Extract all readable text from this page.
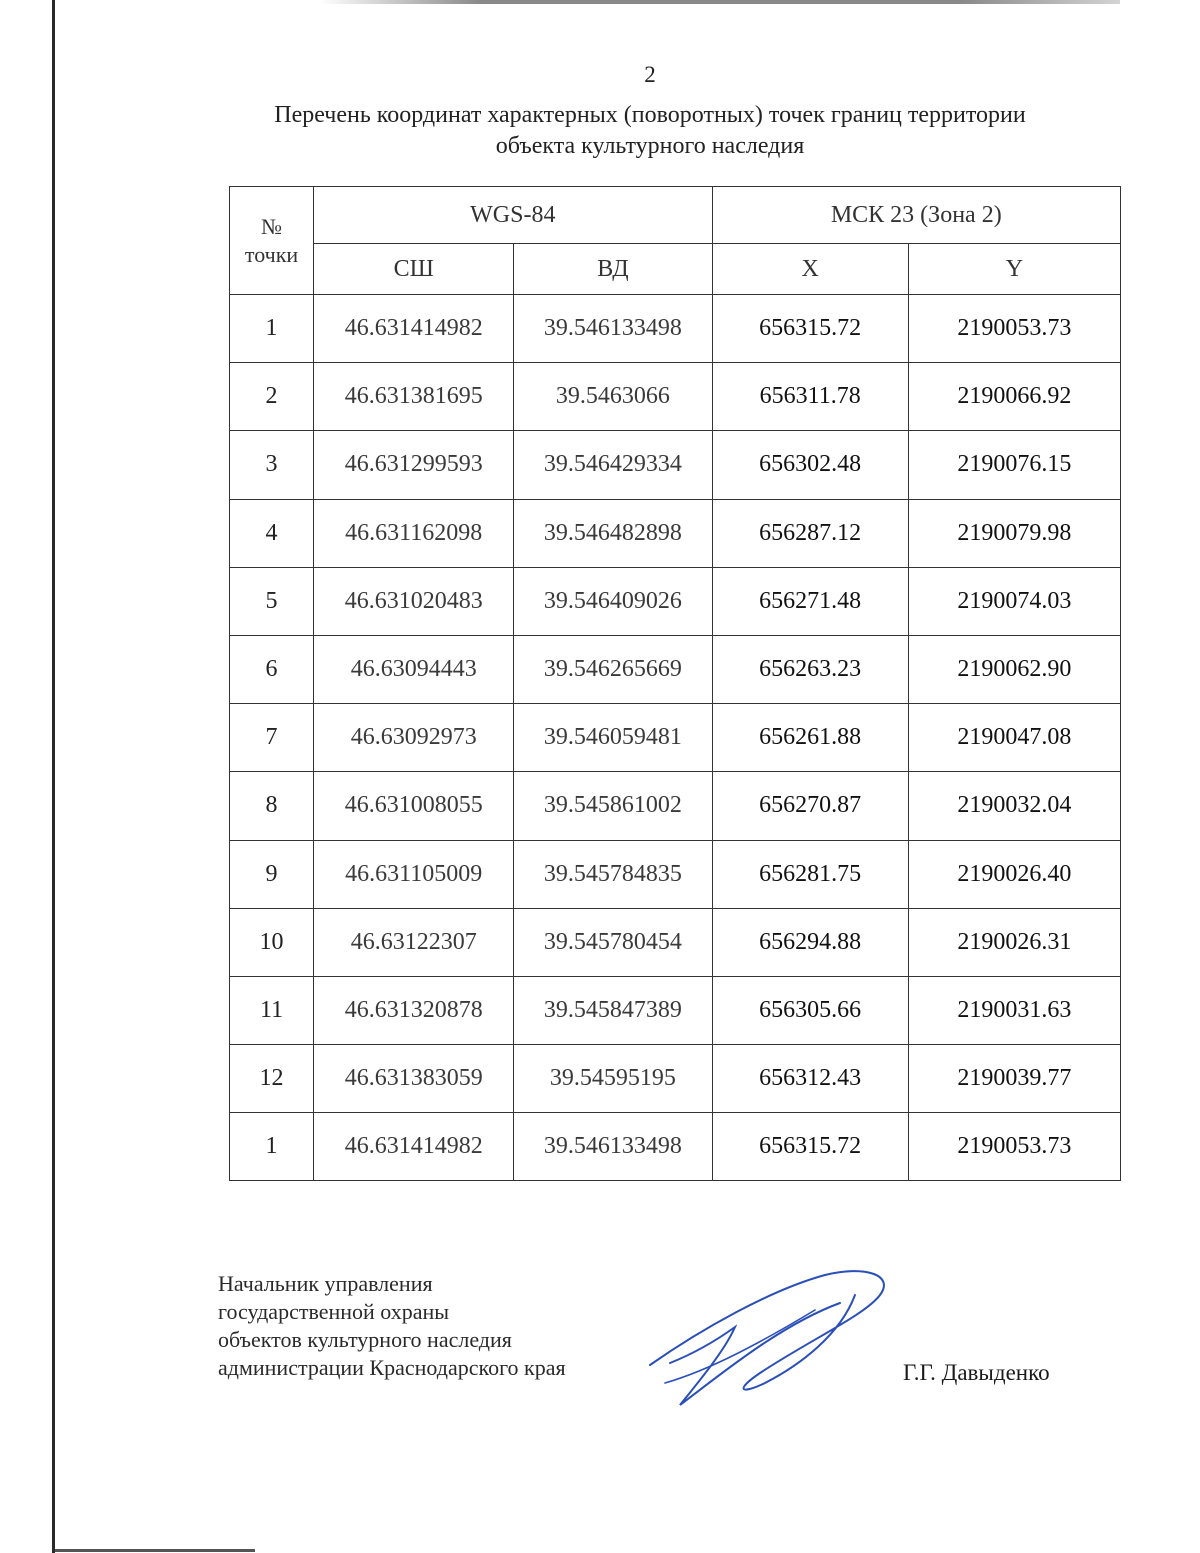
2
Перечень координат характерных (поворотных) точек границ территории
объекта культурного наследия
№
точки	WGS-84		МСК 23 (Зона 2)	
	СШ	ВД	X	Y
1	46.631414982	39.546133498	656315.72	2190053.73
2	46.631381695	39.5463066	656311.78	2190066.92
3	46.631299593	39.546429334	656302.48	2190076.15
4	46.631162098	39.546482898	656287.12	2190079.98
5	46.631020483	39.546409026	656271.48	2190074.03
6	46.63094443	39.546265669	656263.23	2190062.90
7	46.63092973	39.546059481	656261.88	2190047.08
8	46.631008055	39.545861002	656270.87	2190032.04
9	46.631105009	39.545784835	656281.75	2190026.40
10	46.63122307	39.545780454	656294.88	2190026.31
11	46.631320878	39.545847389	656305.66	2190031.63
12	46.631383059	39.54595195	656312.43	2190039.77
1	46.631414982	39.546133498	656315.72	2190053.73
Начальник управления
государственной охраны
объектов культурного наследия
администрации Краснодарского края	Г.Г. Давыденко
